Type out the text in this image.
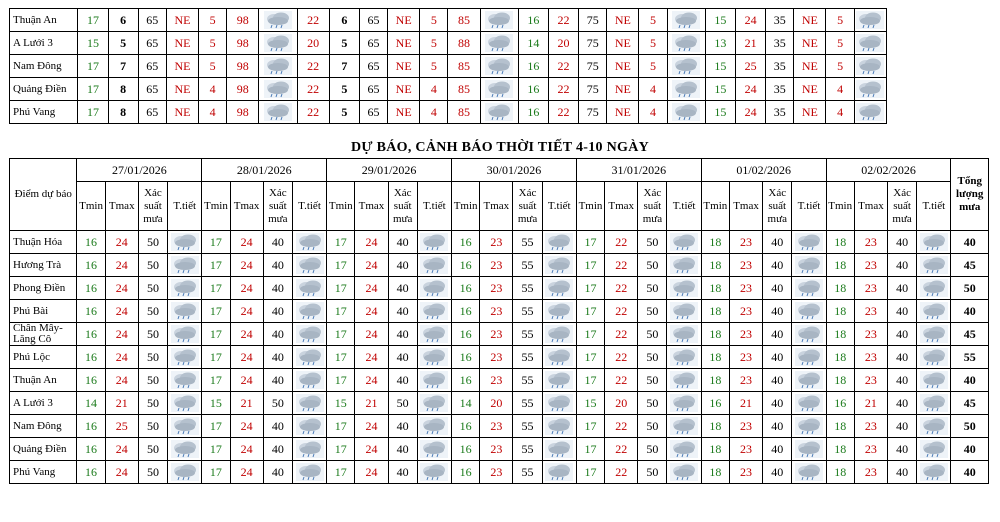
Thuận An	17	6	65	NE	5	98		22	6	65	NE	5	85		16	22	75	NE	5		15	24	35	NE	5	
A Lưới 3	15	5	65	NE	5	98		20	5	65	NE	5	88		14	20	75	NE	5		13	21	35	NE	5	
Nam Đông	17	7	65	NE	5	98		22	7	65	NE	5	85		16	22	75	NE	5		15	25	35	NE	5	
Quảng Điền	17	8	65	NE	4	98		22	5	65	NE	4	85		16	22	75	NE	4		15	24	35	NE	4	
Phú Vang	17	8	65	NE	4	98		22	5	65	NE	4	85		16	22	75	NE	4		15	24	35	NE	4	
DỰ BÁO, CẢNH BÁO THỜI TIẾT 4-10 NGÀY
Điểm dự báo	27/01/2026				28/01/2026				29/01/2026				30/01/2026				31/01/2026				01/02/2026				02/02/2026				Tổng lượng mưa
	Tmin	Tmax	Xác suất mưa	T.tiết	Tmin	Tmax	Xác suất mưa	T.tiết	Tmin	Tmax	Xác suất mưa	T.tiết	Tmin	Tmax	Xác suất mưa	T.tiết	Tmin	Tmax	Xác suất mưa	T.tiết	Tmin	Tmax	Xác suất mưa	T.tiết	Tmin	Tmax	Xác suất mưa	T.tiết	
Thuận Hóa	16	24	50		17	24	40		17	24	40		16	23	55		17	22	50		18	23	40		18	23	40		40
Hương Trà	16	24	50		17	24	40		17	24	40		16	23	55		17	22	50		18	23	40		18	23	40		45
Phong Điền	16	24	50		17	24	40		17	24	40		16	23	55		17	22	50		18	23	40		18	23	40		50
Phú Bài	16	24	50		17	24	40		17	24	40		16	23	55		17	22	50		18	23	40		18	23	40		40
Chân Mây-Lăng Cô	16	24	50		17	24	40		17	24	40		16	23	55		17	22	50		18	23	40		18	23	40		45
Phú Lộc	16	24	50		17	24	40		17	24	40		16	23	55		17	22	50		18	23	40		18	23	40		55
Thuận An	16	24	50		17	24	40		17	24	40		16	23	55		17	22	50		18	23	40		18	23	40		40
A Lưới 3	14	21	50		15	21	50		15	21	50		14	20	55		15	20	50		16	21	40		16	21	40		45
Nam Đông	16	25	50		17	24	40		17	24	40		16	23	55		17	22	50		18	23	40		18	23	40		50
Quảng Điền	16	24	50		17	24	40		17	24	40		16	23	55		17	22	50		18	23	40		18	23	40		40
Phú Vang	16	24	50		17	24	40		17	24	40		16	23	55		17	22	50		18	23	40		18	23	40		40
